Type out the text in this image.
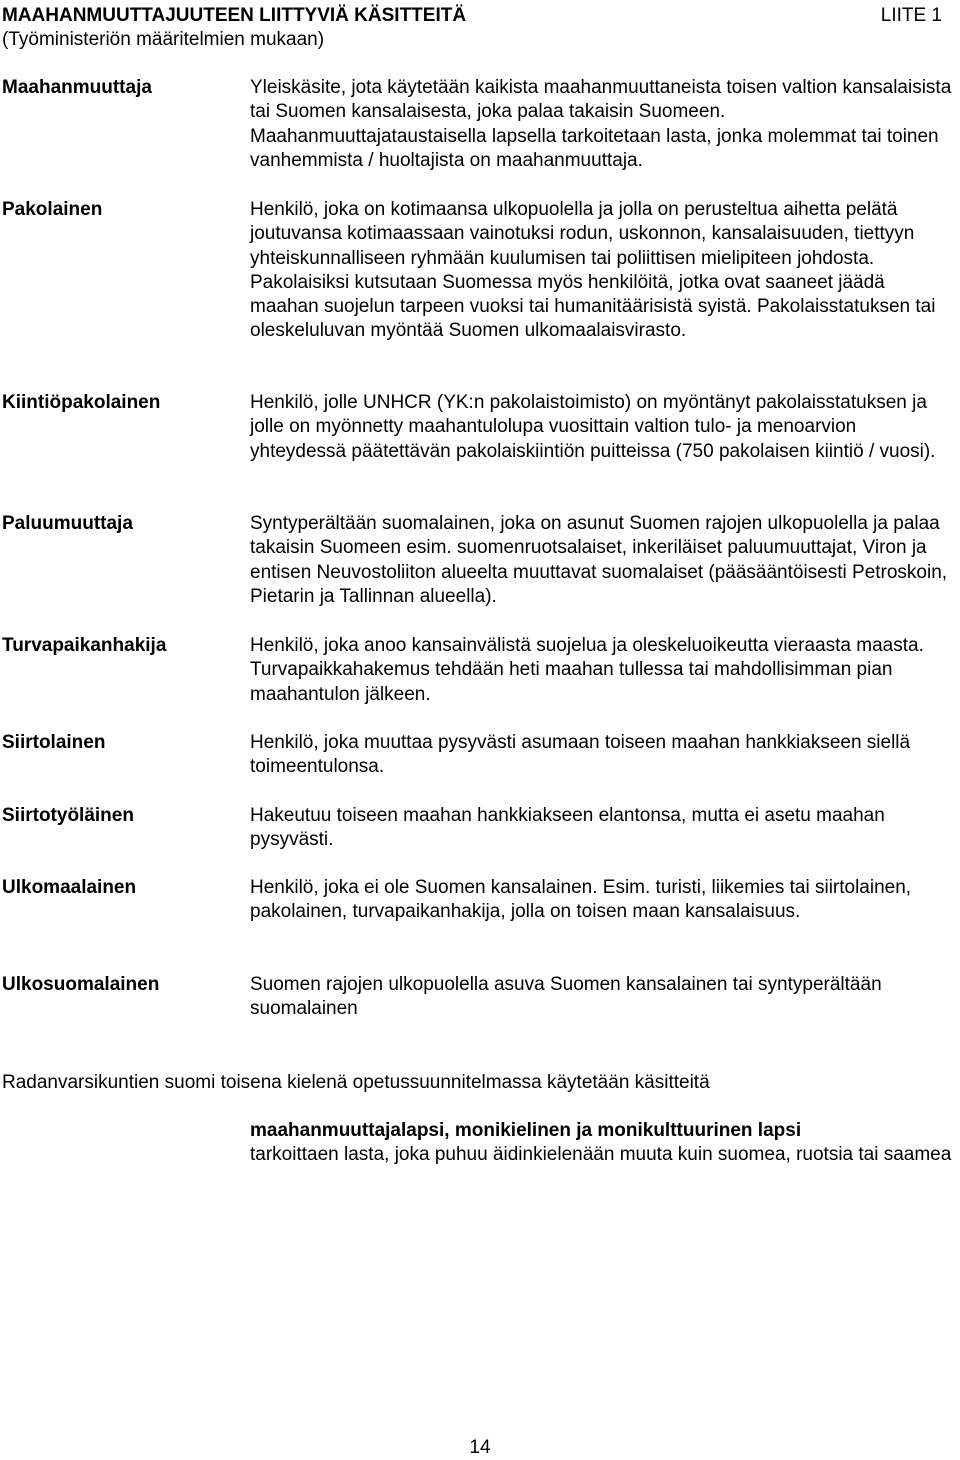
MAAHANMUUTTAJUUTEEN LIITTYVIÄ KÄSITTEITÄ
(Työministeriön määritelmien mukaan)
LIITE 1
Maahanmuuttaja	Yleiskäsite, jota käytetään kaikista maahanmuuttaneista toisen valtion kansalaisista tai Suomen kansalaisesta, joka palaa takaisin Suomeen. Maahanmuuttajataustaisella lapsella tarkoitetaan lasta, jonka molemmat tai toinen vanhemmista / huoltajista on maahanmuuttaja.
Pakolainen	Henkilö, joka on kotimaansa ulkopuolella ja jolla on perusteltua aihetta pelätä joutuvansa kotimaassaan vainotuksi rodun, uskonnon, kansalaisuuden, tiettyyn yhteiskunnalliseen ryhmään kuulumisen tai poliittisen mielipiteen johdosta. Pakolaisiksi kutsutaan Suomessa myös henkilöitä, jotka ovat saaneet jäädä maahan suojelun tarpeen vuoksi tai humanitäärisistä syistä. Pakolaisstatuksen tai oleskeluluvan myöntää Suomen ulkomaalaisvirasto.
Kiintiöpakolainen	Henkilö, jolle UNHCR (YK:n pakolaistoimisto) on myöntänyt pakolaisstatuksen ja jolle on myönnetty maahantulolupa vuosittain valtion tulo- ja menoarvion yhteydessä päätettävän pakolaiskiintiön puitteissa (750 pakolaisen kiintiö / vuosi).
Paluumuuttaja	Syntyperältään suomalainen, joka on asunut Suomen rajojen ulkopuolella ja palaa takaisin Suomeen esim. suomenruotsalaiset, inkeriläiset paluumuuttajat, Viron ja entisen Neuvostoliiton alueelta muuttavat suomalaiset (pääsääntöisesti Petroskoin, Pietarin ja Tallinnan alueella).
Turvapaikanhakija	Henkilö, joka anoo kansainvälistä suojelua ja oleskeluoikeutta vieraasta maasta. Turvapaikkahakemus tehdään heti maahan tullessa tai mahdollisimman pian maahantulon jälkeen.
Siirtolainen	Henkilö, joka muuttaa pysyvästi asumaan toiseen maahan hankkiakseen siellä toimeentulonsa.
Siirtotyöläinen	Hakeutuu toiseen maahan hankkiakseen elantonsa, mutta ei asetu maahan pysyvästi.
Ulkomaalainen	Henkilö, joka ei ole Suomen kansalainen. Esim. turisti, liikemies tai siirtolainen, pakolainen, turvapaikanhakija, jolla on toisen maan kansalaisuus.
Ulkosuomalainen	Suomen rajojen ulkopuolella asuva Suomen kansalainen tai syntyperältään suomalainen
Radanvarsikuntien suomi toisena kielenä opetussuunnitelmassa käytetään käsitteitä
maahanmuuttajalapsi, monikielinen ja monikulttuurinen lapsi
tarkoittaen lasta, joka puhuu äidinkielenään muuta kuin suomea, ruotsia tai saamea
14
